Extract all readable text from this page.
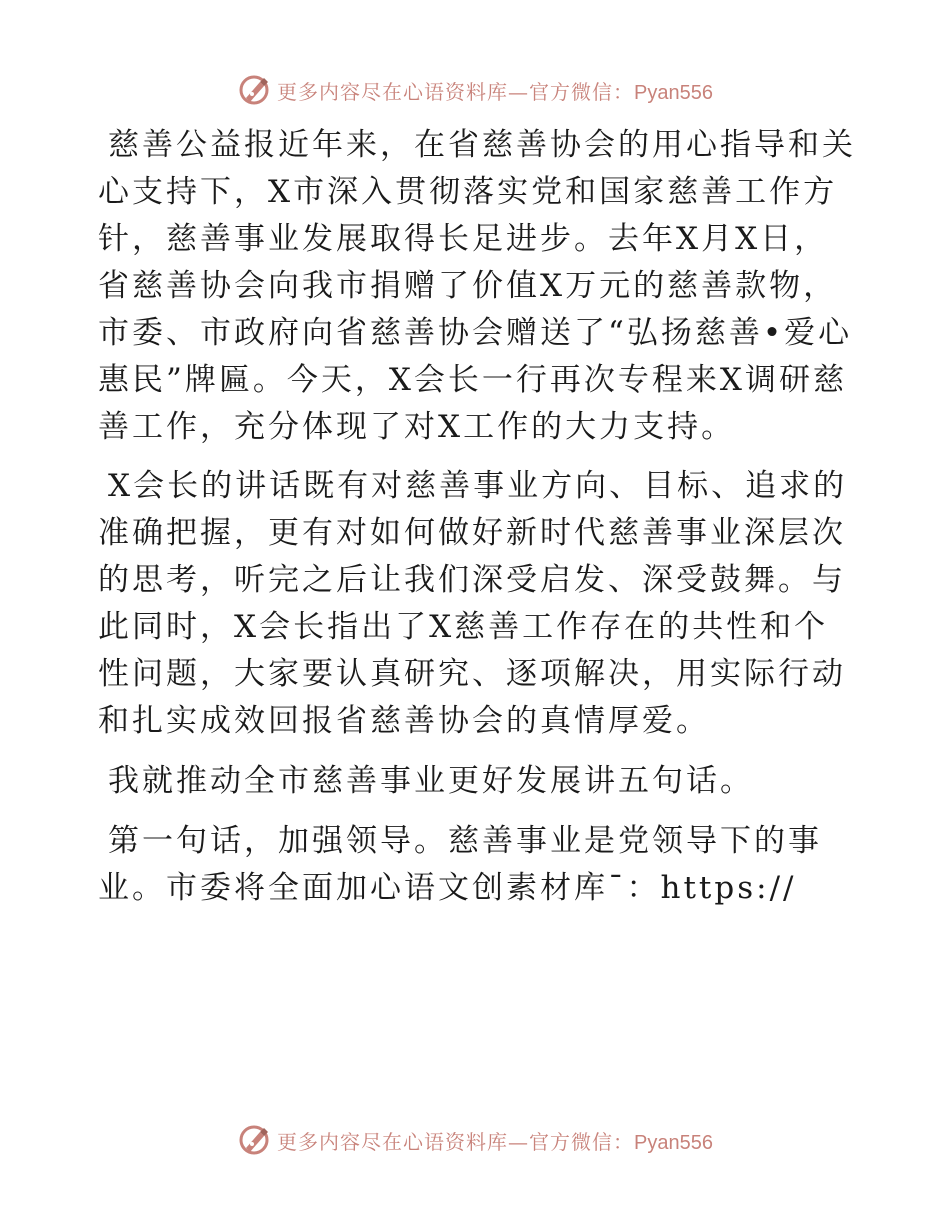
更多内容尽在心语资料库—官方微信：Pyan556

慈善公益报近年来，在省慈善协会的用心指导和关心支持下，X市深入贯彻落实党和国家慈善工作方针，慈善事业发展取得长足进步。去年X月X日，省慈善协会向我市捐赠了价值X万元的慈善款物，市委、市政府向省慈善协会赠送了“弘扬慈善•爱心惠民”牌匾。今天，X会长一行再次专程来X调研慈善工作，充分体现了对X工作的大力支持。

X会长的讲话既有对慈善事业方向、目标、追求的准确把握，更有对如何做好新时代慈善事业深层次的思考，听完之后让我们深受启发、深受鼓舞。与此同时，X会长指出了X慈善工作存在的共性和个性问题，大家要认真研究、逐项解决，用实际行动和扎实成效回报省慈善协会的真情厚爱。

我就推动全市慈善事业更好发展讲五句话。

第一句话，加强领导。慈善事业是党领导下的事业。市委将全面加心语文创素材库¯：https://

更多内容尽在心语资料库—官方微信：Pyan556
